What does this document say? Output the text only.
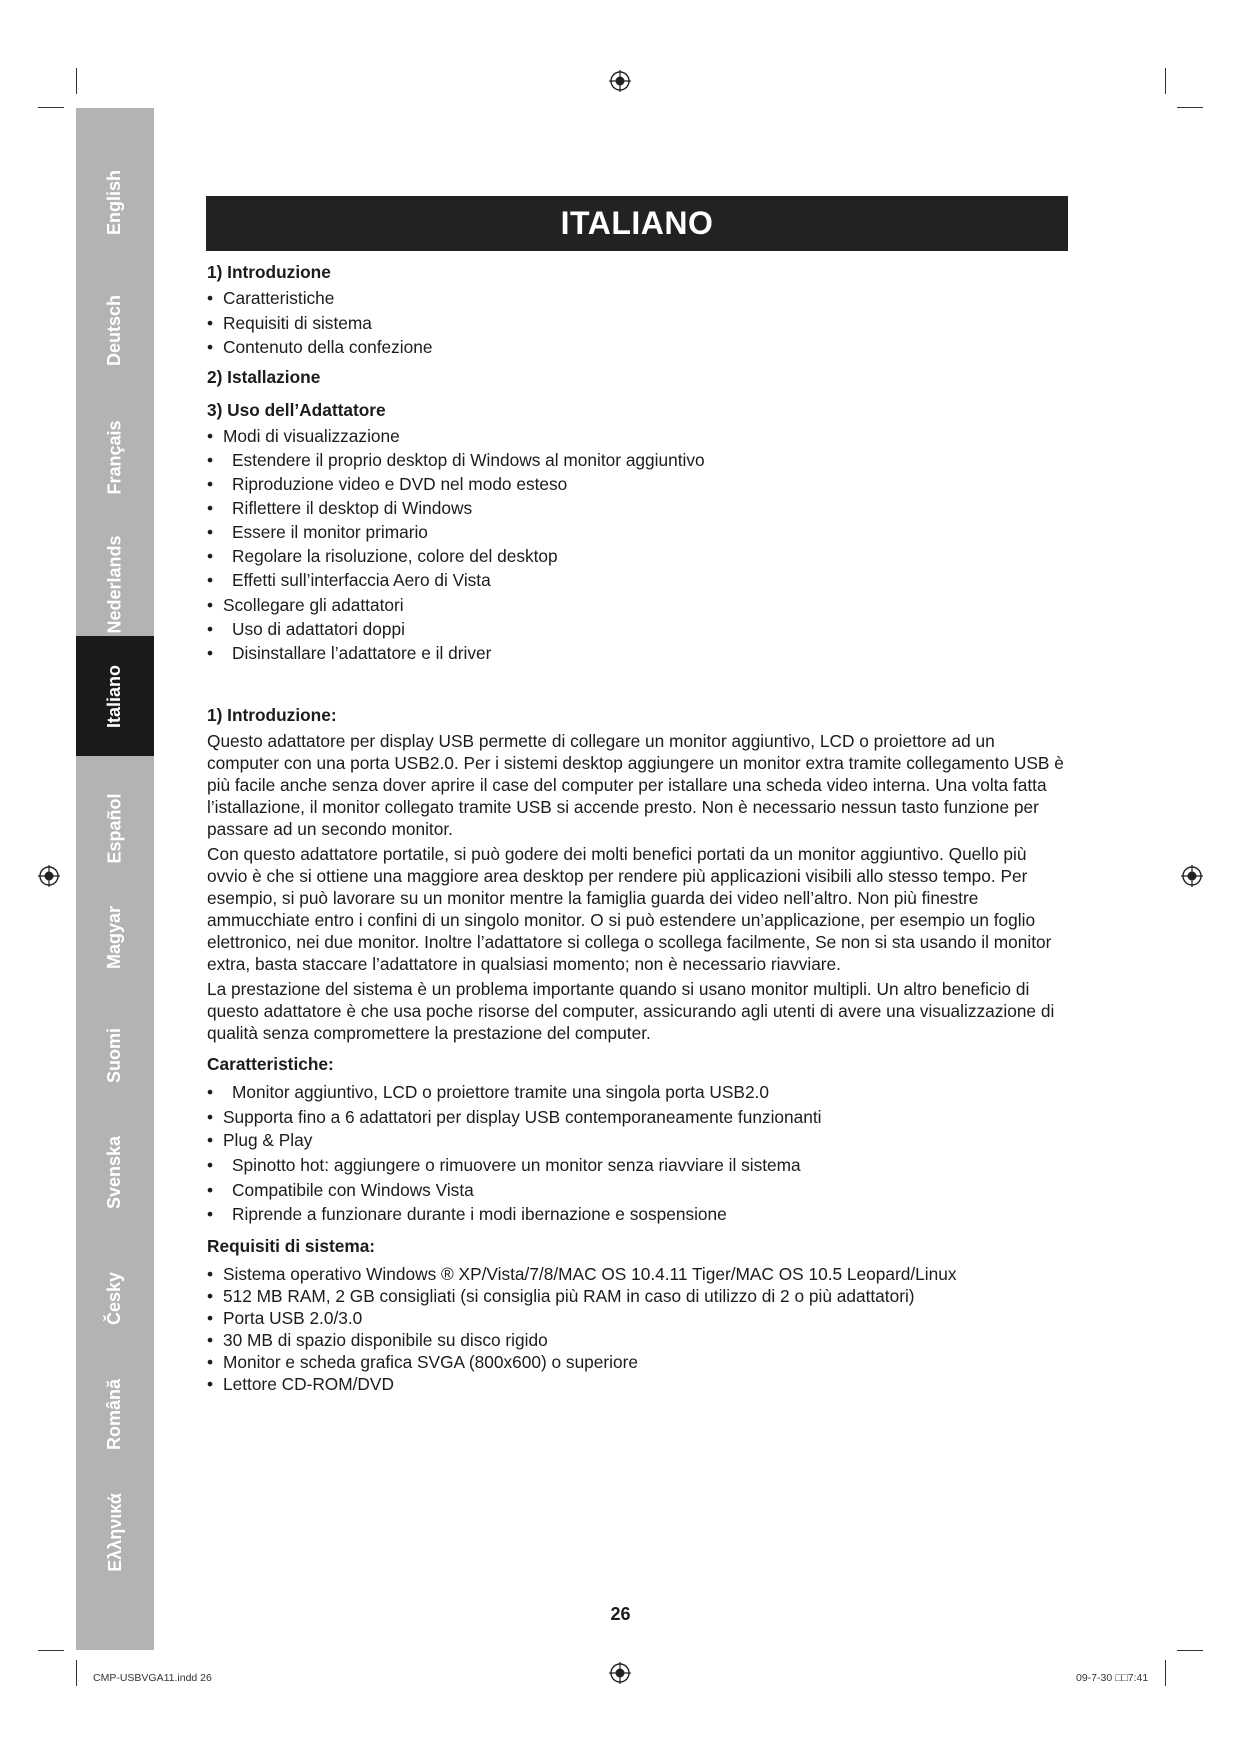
English
Deutsch
Français
Nederlands
Italiano
Español
Magyar
Suomi
Svenska
Česky
Română
Ελληνικά
ITALIANO

1) Introduzione

• Caratteristiche

• Requisiti di sistema

• Contenuto della confezione

2) Istallazione

3) Uso dell’Adattatore

• Modi di visualizzazione

• Estendere il proprio desktop di Windows al monitor aggiuntivo

• Riproduzione video e DVD nel modo esteso

• Riflettere il desktop di Windows

• Essere il monitor primario

• Regolare la risoluzione, colore del desktop

• Effetti sull’interfaccia Aero di Vista

• Scollegare gli adattatori

• Uso di adattatori doppi

• Disinstallare l’adattatore e il driver

1) Introduzione:

Questo adattatore per display USB permette di collegare un monitor aggiuntivo, LCD o proiettore ad un computer con una porta USB2.0. Per i sistemi desktop aggiungere un monitor extra tramite collegamento USB è più facile anche senza dover aprire il case del computer per istallare una scheda video interna. Una volta fatta l’istallazione, il monitor collegato tramite USB si accende presto. Non è necessario nessun tasto funzione per passare ad un secondo monitor.

Con questo adattatore portatile, si può godere dei molti benefici portati da un monitor aggiuntivo. Quello più ovvio è che si ottiene una maggiore area desktop per rendere più applicazioni visibili allo stesso tempo. Per esempio, si può lavorare su un monitor mentre la famiglia guarda dei video nell’altro. Non più finestre ammucchiate entro i confini di un singolo monitor. O si può estendere un’applicazione, per esempio un foglio elettronico, nei due monitor. Inoltre l’adattatore si collega o scollega facilmente, Se non si sta usando il monitor extra, basta staccare l’adattatore in qualsiasi momento; non è necessario riavviare.

La prestazione del sistema è un problema importante quando si usano monitor multipli. Un altro beneficio di questo adattatore è che usa poche risorse del computer, assicurando agli utenti di avere una visualizzazione di qualità senza compromettere la prestazione del computer.

Caratteristiche:

• Monitor aggiuntivo, LCD o proiettore tramite una singola porta USB2.0

• Supporta fino a 6 adattatori per display USB contemporaneamente funzionanti

• Plug & Play

• Spinotto hot: aggiungere o rimuovere un monitor senza riavviare il sistema

• Compatibile con Windows Vista

• Riprende a funzionare durante i modi ibernazione e sospensione

Requisiti di sistema:

• Sistema operativo Windows ® XP/Vista/7/8/MAC OS 10.4.11 Tiger/MAC OS 10.5 Leopard/Linux

• 512 MB RAM, 2 GB consigliati (si consiglia più RAM in caso di utilizzo di 2 o più adattatori)

• Porta USB 2.0/3.0

• 30 MB di spazio disponibile su disco rigido

• Monitor e scheda grafica SVGA (800x600) o superiore

• Lettore CD-ROM/DVD

26
CMP-USBVGA11.indd 26	09-7-30 □□7:41
